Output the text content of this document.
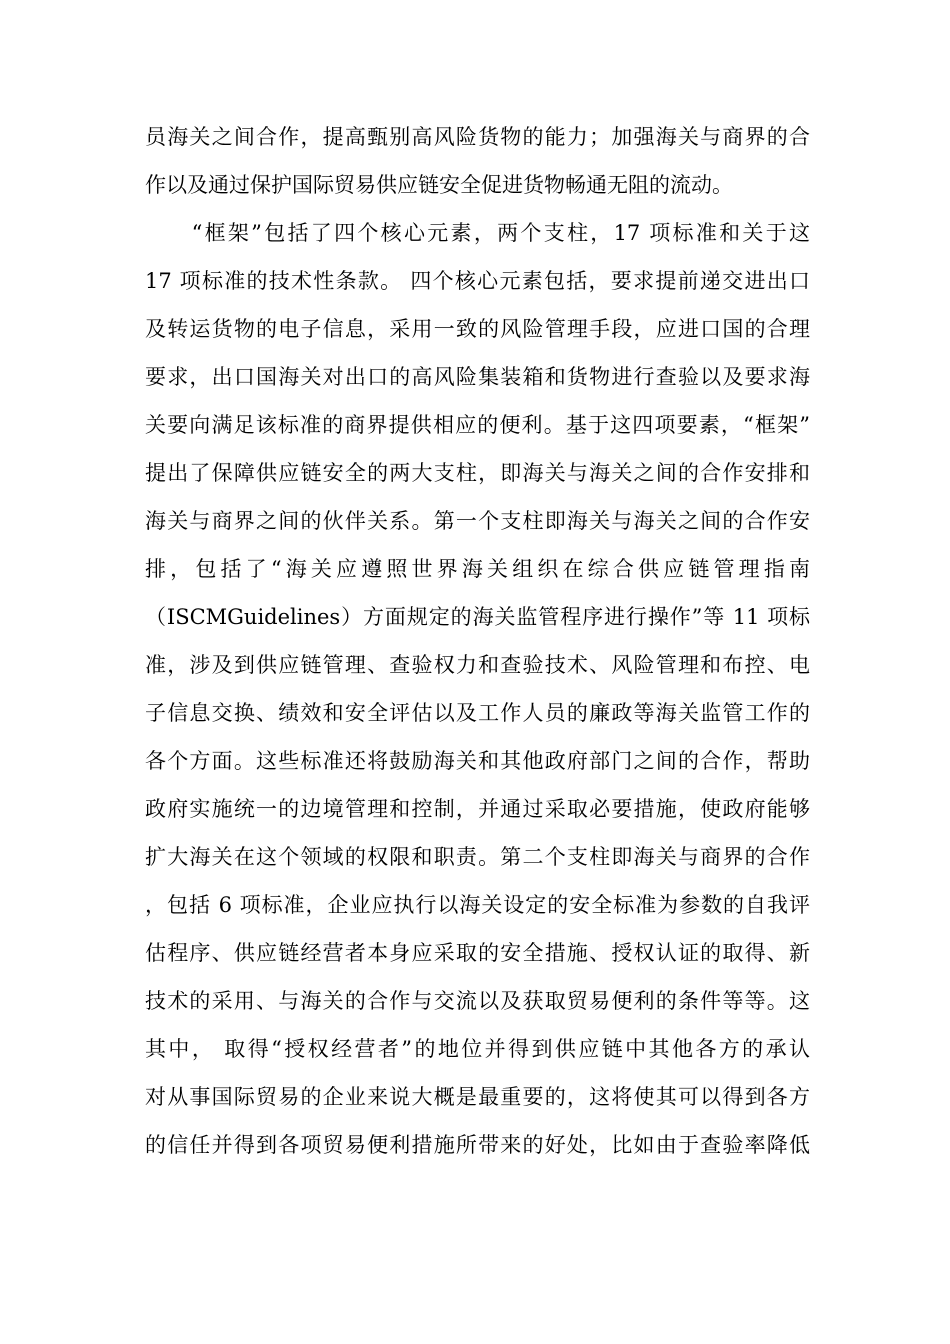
员海关之间合作，提高甄别高风险货物的能力；加强海关与商界的合
作以及通过保护国际贸易供应链安全促进货物畅通无阻的流动。
　　“框架”包括了四个核心元素，两个支柱，17 项标准和关于这
17 项标准的技术性条款。 四个核心元素包括，要求提前递交进出口
及转运货物的电子信息，采用一致的风险管理手段，应进口国的合理
要求，出口国海关对出口的高风险集装箱和货物进行查验以及要求海
关要向满足该标准的商界提供相应的便利。基于这四项要素，“框架”
提出了保障供应链安全的两大支柱，即海关与海关之间的合作安排和
海关与商界之间的伙伴关系。第一个支柱即海关与海关之间的合作安
排，包括了“海关应遵照世界海关组织在综合供应链管理指南
（ISCMGuidelines）方面规定的海关监管程序进行操作”等 11 项标
准，涉及到供应链管理、查验权力和查验技术、风险管理和布控、电
子信息交换、绩效和安全评估以及工作人员的廉政等海关监管工作的
各个方面。这些标准还将鼓励海关和其他政府部门之间的合作，帮助
政府实施统一的边境管理和控制，并通过采取必要措施，使政府能够
扩大海关在这个领域的权限和职责。第二个支柱即海关与商界的合作
，包括 6 项标准，企业应执行以海关设定的安全标准为参数的自我评
估程序、供应链经营者本身应采取的安全措施、授权认证的取得、新
技术的采用、与海关的合作与交流以及获取贸易便利的条件等等。这
其中， 取得“授权经营者”的地位并得到供应链中其他各方的承认
对从事国际贸易的企业来说大概是最重要的，这将使其可以得到各方
的信任并得到各项贸易便利措施所带来的好处，比如由于查验率降低
